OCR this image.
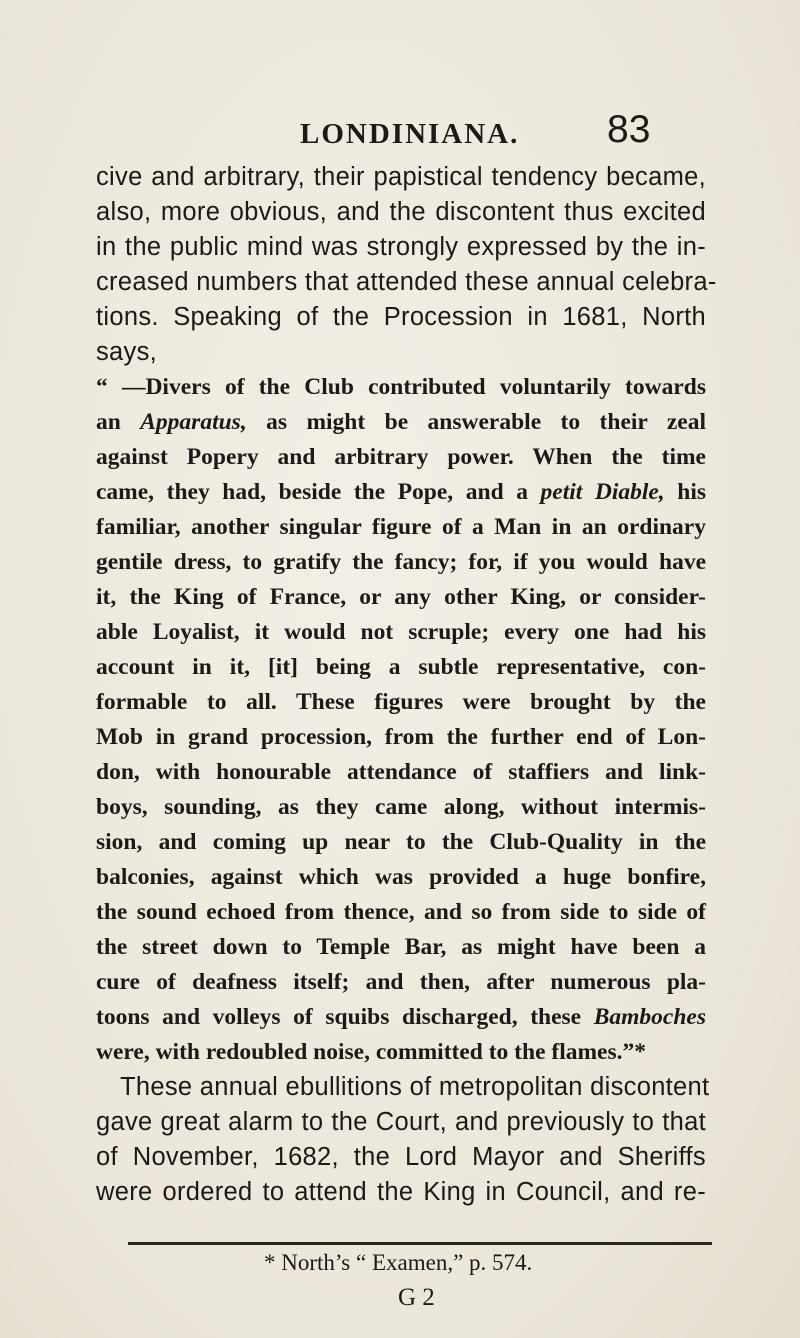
LONDINIANA. 83
cive and arbitrary, their papistical tendency became,
also, more obvious, and the discontent thus excited
in the public mind was strongly expressed by the in-
creased numbers that attended these annual celebra-
tions. Speaking of the Procession in 1681, North
says,
“ —Divers of the Club contributed voluntarily towards
an Apparatus, as might be answerable to their zeal
against Popery and arbitrary power. When the time
came, they had, beside the Pope, and a petit Diable, his
familiar, another singular figure of a Man in an ordinary
gentile dress, to gratify the fancy; for, if you would have
it, the King of France, or any other King, or consider-
able Loyalist, it would not scruple; every one had his
account in it, [it] being a subtle representative, con-
formable to all. These figures were brought by the
Mob in grand procession, from the further end of Lon-
don, with honourable attendance of staffiers and link-
boys, sounding, as they came along, without intermis-
sion, and coming up near to the Club-Quality in the
balconies, against which was provided a huge bonfire,
the sound echoed from thence, and so from side to side of
the street down to Temple Bar, as might have been a
cure of deafness itself; and then, after numerous pla-
toons and volleys of squibs discharged, these Bamboches
were, with redoubled noise, committed to the flames.”*
These annual ebullitions of metropolitan discontent
gave great alarm to the Court, and previously to that
of November, 1682, the Lord Mayor and Sheriffs
were ordered to attend the King in Council, and re-
* North’s “ Examen,” p. 574.
G 2
